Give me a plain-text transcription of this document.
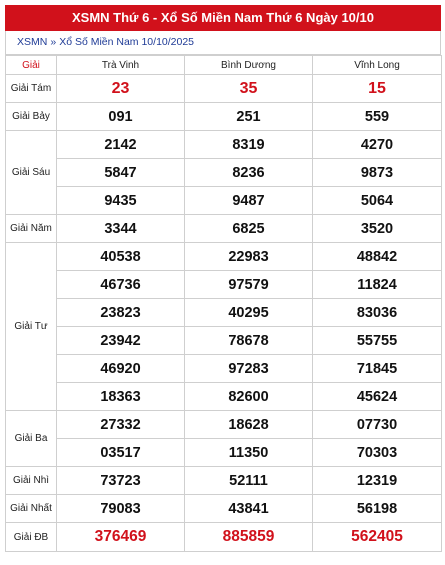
XSMN Thứ 6 - Xổ Số Miền Nam Thứ 6 Ngày 10/10
XSMN » Xổ Số Miền Nam 10/10/2025
Giải	Trà Vinh	Bình Dương	Vĩnh Long
Giải Tám	23	35	15
Giải Bảy	091	251	559
Giải Sáu	2142	8319	4270
	5847	8236	9873
	9435	9487	5064
Giải Năm	3344	6825	3520
Giải Tư	40538	22983	48842
	46736	97579	11824
	23823	40295	83036
	23942	78678	55755
	46920	97283	71845
	18363	82600	45624
Giải Ba	27332	18628	07730
	03517	11350	70303
Giải Nhì	73723	52111	12319
Giải Nhất	79083	43841	56198
Giải ĐB	376469	885859	562405
